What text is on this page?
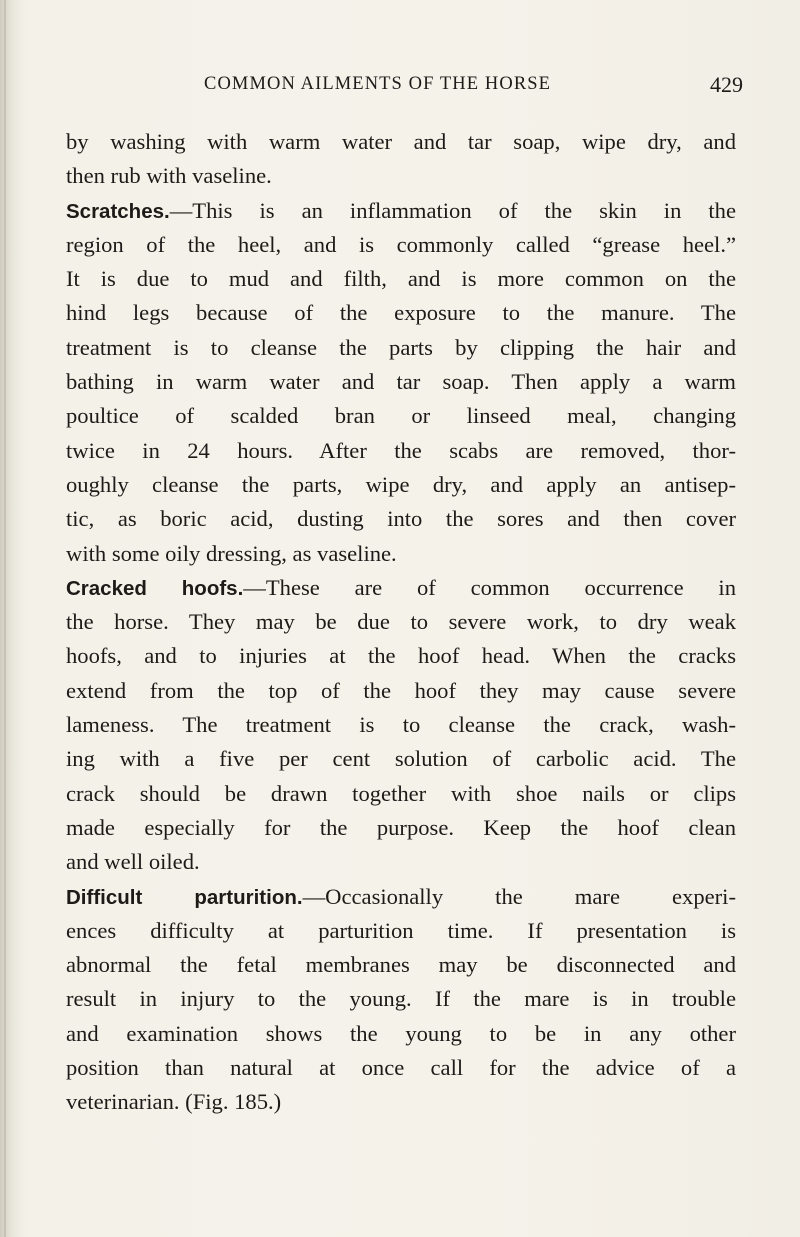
COMMON AILMENTS OF THE HORSE	429
by washing with warm water and tar soap, wipe dry, and
then rub with vaseline.
Scratches.—This is an inflammation of the skin in the
region of the heel, and is commonly called “grease heel.”
It is due to mud and filth, and is more common on the
hind legs because of the exposure to the manure. The
treatment is to cleanse the parts by clipping the hair and
bathing in warm water and tar soap. Then apply a warm
poultice of scalded bran or linseed meal, changing
twice in 24 hours. After the scabs are removed, thor-
oughly cleanse the parts, wipe dry, and apply an antisep-
tic, as boric acid, dusting into the sores and then cover
with some oily dressing, as vaseline.
Cracked hoofs.—These are of common occurrence in
the horse. They may be due to severe work, to dry weak
hoofs, and to injuries at the hoof head. When the cracks
extend from the top of the hoof they may cause severe
lameness. The treatment is to cleanse the crack, wash-
ing with a five per cent solution of carbolic acid. The
crack should be drawn together with shoe nails or clips
made especially for the purpose. Keep the hoof clean
and well oiled.
Difficult parturition.—Occasionally the mare experi-
ences difficulty at parturition time. If presentation is
abnormal the fetal membranes may be disconnected and
result in injury to the young. If the mare is in trouble
and examination shows the young to be in any other
position than natural at once call for the advice of a
veterinarian. (Fig. 185.)
